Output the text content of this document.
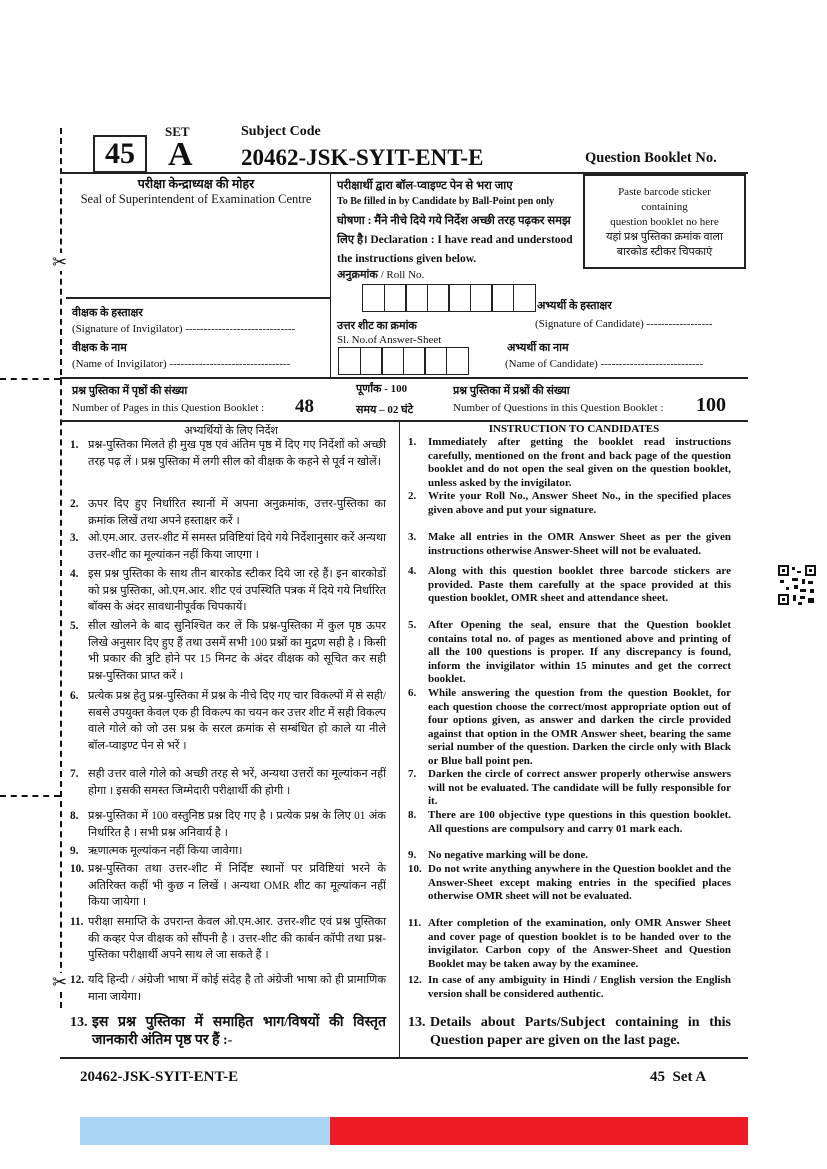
✂
✂
45
SET
A
Subject Code
20462-JSK-SYIT-ENT-E	Question Booklet No.
परीक्षा केन्द्राध्यक्ष की मोहर
Seal of Superintendent of Examination Centre
वीक्षक के हस्ताक्षर
(Signature of Invigilator) ------------------------------
वीक्षक के नाम
(Name of Invigilator) ---------------------------------
परीक्षार्थी द्वारा बॉल-प्वाइण्ट पेन से भरा जाए
To Be filled in by Candidate by Ball-Point pen only
घोषणा : मैंने नीचे दिये गये निर्देश अच्छी तरह पढ़कर समझ लिए है। Declaration : I have read and understood the instructions given below.
अनुक्रमांक / Roll No.
उत्तर शीट का क्रमांक
Sl. No.of Answer-Sheet
Paste barcode sticker
containing
question booklet no here
यहां प्रश्न पुस्तिका क्रमांक वाला
बारकोड स्टीकर चिपकाएं
अभ्यर्थी के हस्ताक्षर
(Signature of Candidate) ------------------
अभ्यर्थी का नाम
(Name of Candidate) ----------------------------
प्रश्न पुस्तिका में पृष्ठों की संख्या
Number of Pages in this Question Booklet : 48
पूर्णांक - 100
समय – 02 घंटे
प्रश्न पुस्तिका में प्रश्नों की संख्या
Number of Questions in this Question Booklet : 100
अभ्यर्थियों के लिए निर्देश
1. प्रश्न-पुस्तिका मिलते ही मुख पृष्ठ एवं अंतिम पृष्ठ में दिए गए निर्देशों को अच्छी तरह पढ़ लें । प्रश्न पुस्तिका में लगी सील को वीक्षक के कहने से पूर्व न खोलें।
2. ऊपर दिए हुए निर्धारित स्थानों में अपना अनुक्रमांक, उत्तर-पुस्तिका का क्रमांक लिखें तथा अपने हस्ताक्षर करें ।
3. ओ.एम.आर. उत्तर-शीट में समस्त प्रविष्टियां दिये गये निर्देशानुसार करें अन्यथा उत्तर-शीट का मूल्यांकन नहीं किया जाएगा ।
4. इस प्रश्न पुस्तिका के साथ तीन बारकोड स्टीकर दिये जा रहे हैं। इन बारकोडों को प्रश्न पुस्तिका, ओ.एम.आर. शीट एवं उपस्थिति पत्रक में दिये गये निर्धारित बॉक्स के अंदर सावधानीपूर्वक चिपकायें।
5. सील खोलने के बाद सुनिश्चित कर लें कि प्रश्न-पुस्तिका में कुल पृष्ठ ऊपर लिखे अनुसार दिए हुए हैं तथा उसमें सभी 100 प्रश्नों का मुद्रण सही है । किसी भी प्रकार की त्रुटि होने पर 15 मिनट के अंदर वीक्षक को सूचित कर सही प्रश्न-पुस्तिका प्राप्त करें ।
6. प्रत्येक प्रश्न हेतु प्रश्न-पुस्तिका में प्रश्न के नीचे दिए गए चार विकल्पों में से सही/सबसे उपयुक्त केवल एक ही विकल्प का चयन कर उत्तर शीट में सही विकल्प वाले गोले को जो उस प्रश्न के सरल क्रमांक से सम्बंधित हो काले या नीले बॉल-प्वाइण्ट पेन से भरें ।
7. सही उत्तर वाले गोले को अच्छी तरह से भरें, अन्यथा उत्तरों का मूल्यांकन नहीं होगा । इसकी समस्त जिम्मेदारी परीक्षार्थी की होगी ।
8. प्रश्न-पुस्तिका में 100 वस्तुनिष्ठ प्रश्न दिए गए है । प्रत्येक प्रश्न के लिए 01 अंक निर्धारित है । सभी प्रश्न अनिवार्य है ।
9. ऋणात्मक मूल्यांकन नहीं किया जावेगा।
10. प्रश्न-पुस्तिका तथा उत्तर-शीट में निर्दिष्ट स्थानों पर प्रविष्टियां भरने के अतिरिक्त कहीं भी कुछ न लिखें । अन्यथा OMR शीट का मूल्यांकन नहीं किया जायेगा ।
11. परीक्षा समाप्ति के उपरान्त केवल ओ.एम.आर. उत्तर-शीट एवं प्रश्न पुस्तिका की कव्हर पेज वीक्षक को सौंपनी है । उत्तर-शीट की कार्बन कॉपी तथा प्रश्न-पुस्तिका परीक्षार्थी अपने साथ ले जा सकते हैं ।
12. यदि हिन्दी / अंग्रेजी भाषा में कोई संदेह है तो अंग्रेजी भाषा को ही प्रामाणिक माना जायेगा।
13. इस प्रश्न पुस्तिका में समाहित भाग/विषयों की विस्तृत जानकारी अंतिम पृष्ठ पर हैं :-
INSTRUCTION TO CANDIDATES
1.	Immediately after getting the booklet read instructions carefully, mentioned on the front and back page of the question booklet and do not open the seal given on the question booklet, unless asked by the invigilator.
2.	Write your Roll No., Answer Sheet No., in the specified places given above and put your signature.
3.	Make all entries in the OMR Answer Sheet as per the given instructions otherwise Answer-Sheet will not be evaluated.
4.	Along with this question booklet three barcode stickers are provided. Paste them carefully at the space provided at this question booklet, OMR sheet and attendance sheet.
5.	After Opening the seal, ensure that the Question booklet contains total no. of pages as mentioned above and printing of all the 100 questions is proper. If any discrepancy is found, inform the invigilator within 15 minutes and get the correct booklet.
6.	While answering the question from the question Booklet, for each question choose the correct/most appropriate option out of four options given, as answer and darken the circle provided against that option in the OMR Answer sheet, bearing the same serial number of the question. Darken the circle only with Black or Blue ball point pen.
7.	Darken the circle of correct answer properly otherwise answers will not be evaluated. The candidate will be fully responsible for it.
8.	There are 100 objective type questions in this question booklet. All questions are compulsory and carry 01 mark each.
9.	No negative marking will be done.
10. Do not write anything anywhere in the Question booklet and the Answer-Sheet except making entries in the specified places otherwise OMR sheet will not be evaluated.
11. After completion of the examination, only OMR Answer Sheet and cover page of question booklet is to be handed over to the invigilator. Carbon copy of the Answer-Sheet and Question Booklet may be taken away by the examinee.
12. In case of any ambiguity in Hindi / English version the English version shall be considered authentic.
13. Details about Parts/Subject containing in this Question paper are given on the last page.
20462-JSK-SYIT-ENT-E	45  Set A
